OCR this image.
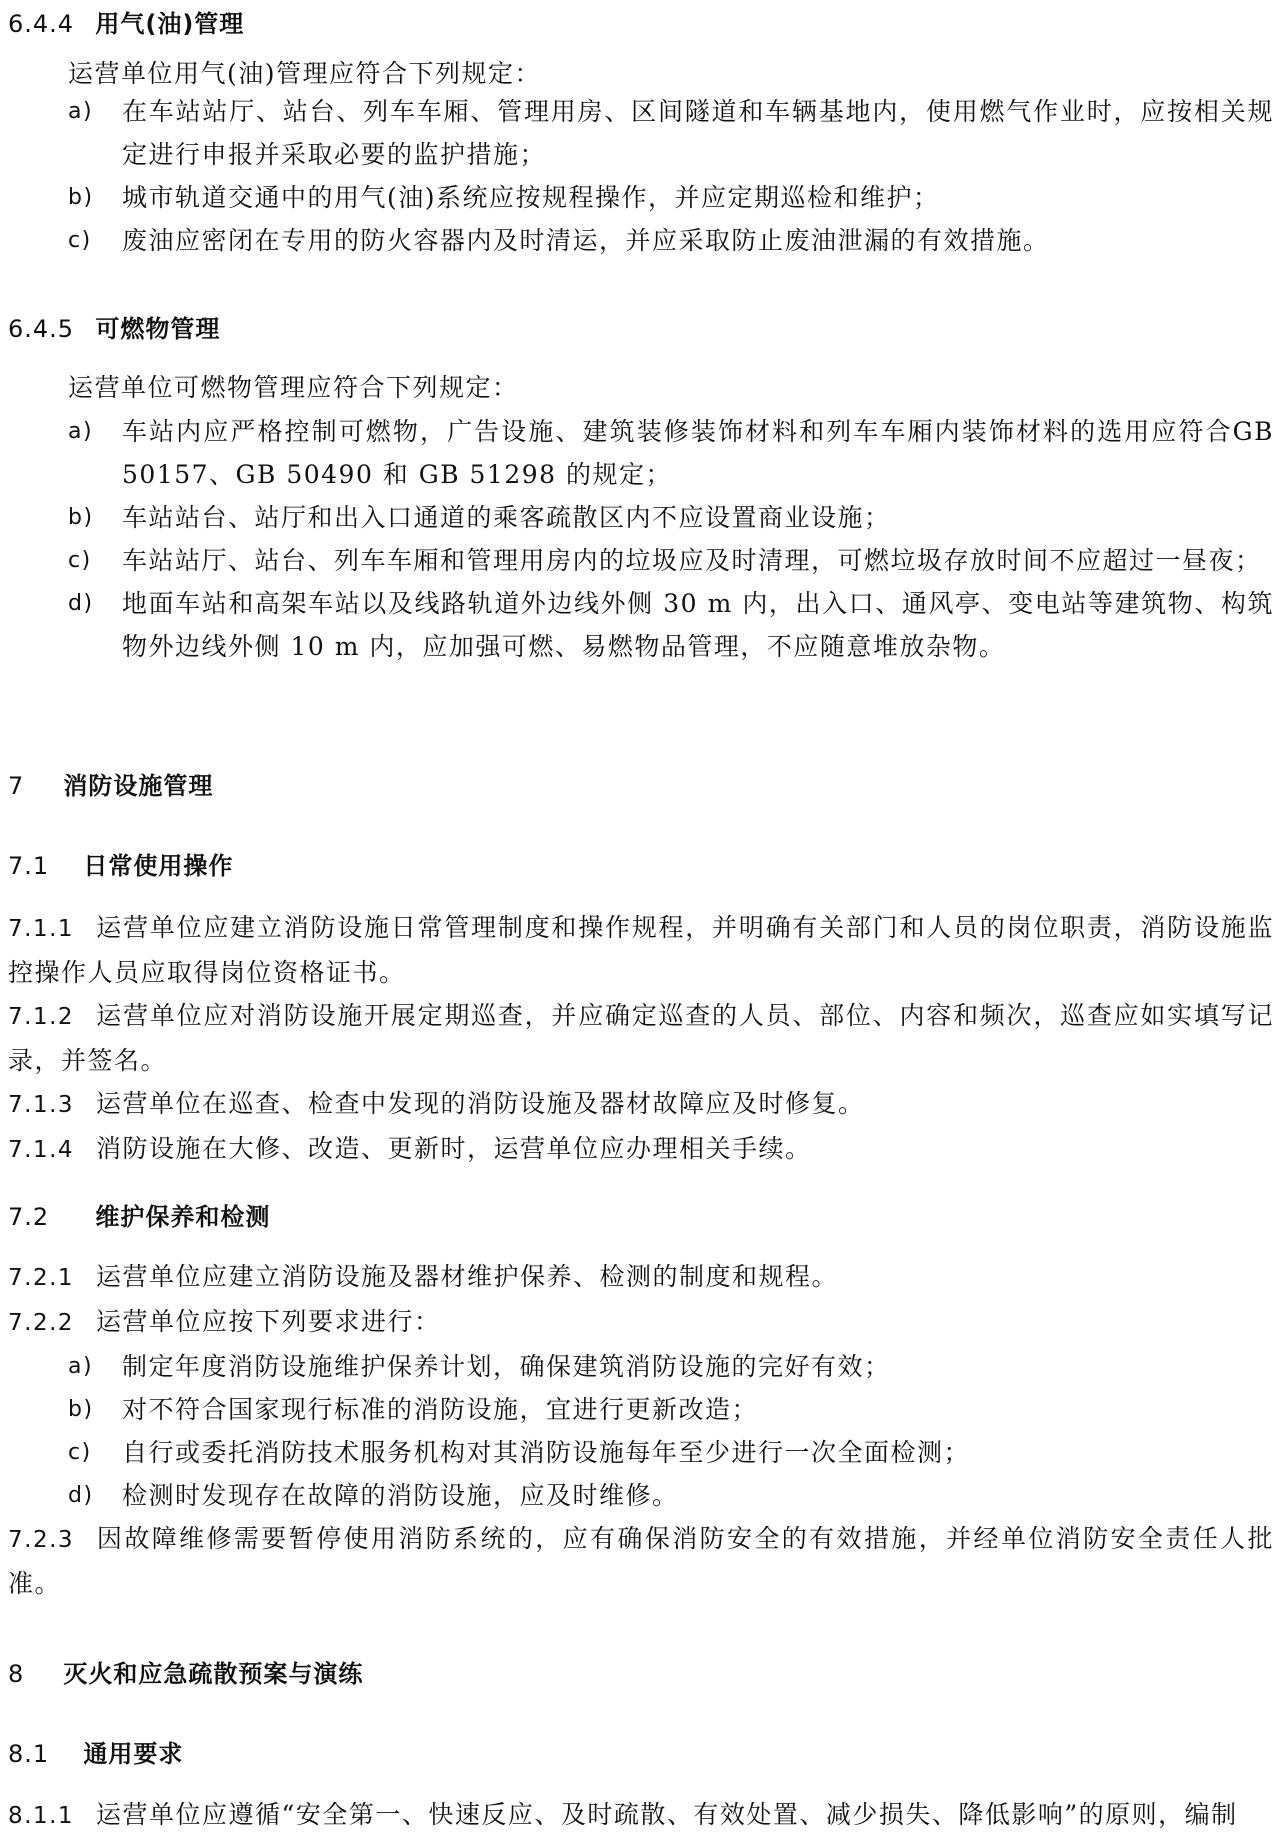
6.4.4 用气(油)管理
运营单位用气(油)管理应符合下列规定：
a)	在车站站厅、站台、列车车厢、管理用房、区间隧道和车辆基地内，使用燃气作业时，应按相关规定进行申报并采取必要的监护措施；
b)	城市轨道交通中的用气(油)系统应按规程操作，并应定期巡检和维护；
c)	废油应密闭在专用的防火容器内及时清运，并应采取防止废油泄漏的有效措施。
6.4.5 可燃物管理
运营单位可燃物管理应符合下列规定：
a)	车站内应严格控制可燃物，广告设施、建筑装修装饰材料和列车车厢内装饰材料的选用应符合GB 50157、GB 50490 和 GB 51298 的规定；
b)	车站站台、站厅和出入口通道的乘客疏散区内不应设置商业设施；
c)	车站站厅、站台、列车车厢和管理用房内的垃圾应及时清理，可燃垃圾存放时间不应超过一昼夜；
d)	地面车站和高架车站以及线路轨道外边线外侧 30 m 内，出入口、通风亭、变电站等建筑物、构筑物外边线外侧 10 m 内，应加强可燃、易燃物品管理，不应随意堆放杂物。
7 消防设施管理
7.1 日常使用操作
7.1.1 运营单位应建立消防设施日常管理制度和操作规程，并明确有关部门和人员的岗位职责，消防设施监控操作人员应取得岗位资格证书。
7.1.2 运营单位应对消防设施开展定期巡查，并应确定巡查的人员、部位、内容和频次，巡查应如实填写记录，并签名。
7.1.3 运营单位在巡查、检查中发现的消防设施及器材故障应及时修复。
7.1.4 消防设施在大修、改造、更新时，运营单位应办理相关手续。
7.2 维护保养和检测
7.2.1 运营单位应建立消防设施及器材维护保养、检测的制度和规程。
7.2.2 运营单位应按下列要求进行：
a)	制定年度消防设施维护保养计划，确保建筑消防设施的完好有效；
b)	对不符合国家现行标准的消防设施，宜进行更新改造；
c)	自行或委托消防技术服务机构对其消防设施每年至少进行一次全面检测；
d)	检测时发现存在故障的消防设施，应及时维修。
7.2.3 因故障维修需要暂停使用消防系统的，应有确保消防安全的有效措施，并经单位消防安全责任人批准。
8 灭火和应急疏散预案与演练
8.1 通用要求
8.1.1 运营单位应遵循“安全第一、快速反应、及时疏散、有效处置、减少损失、降低影响”的原则，编制
